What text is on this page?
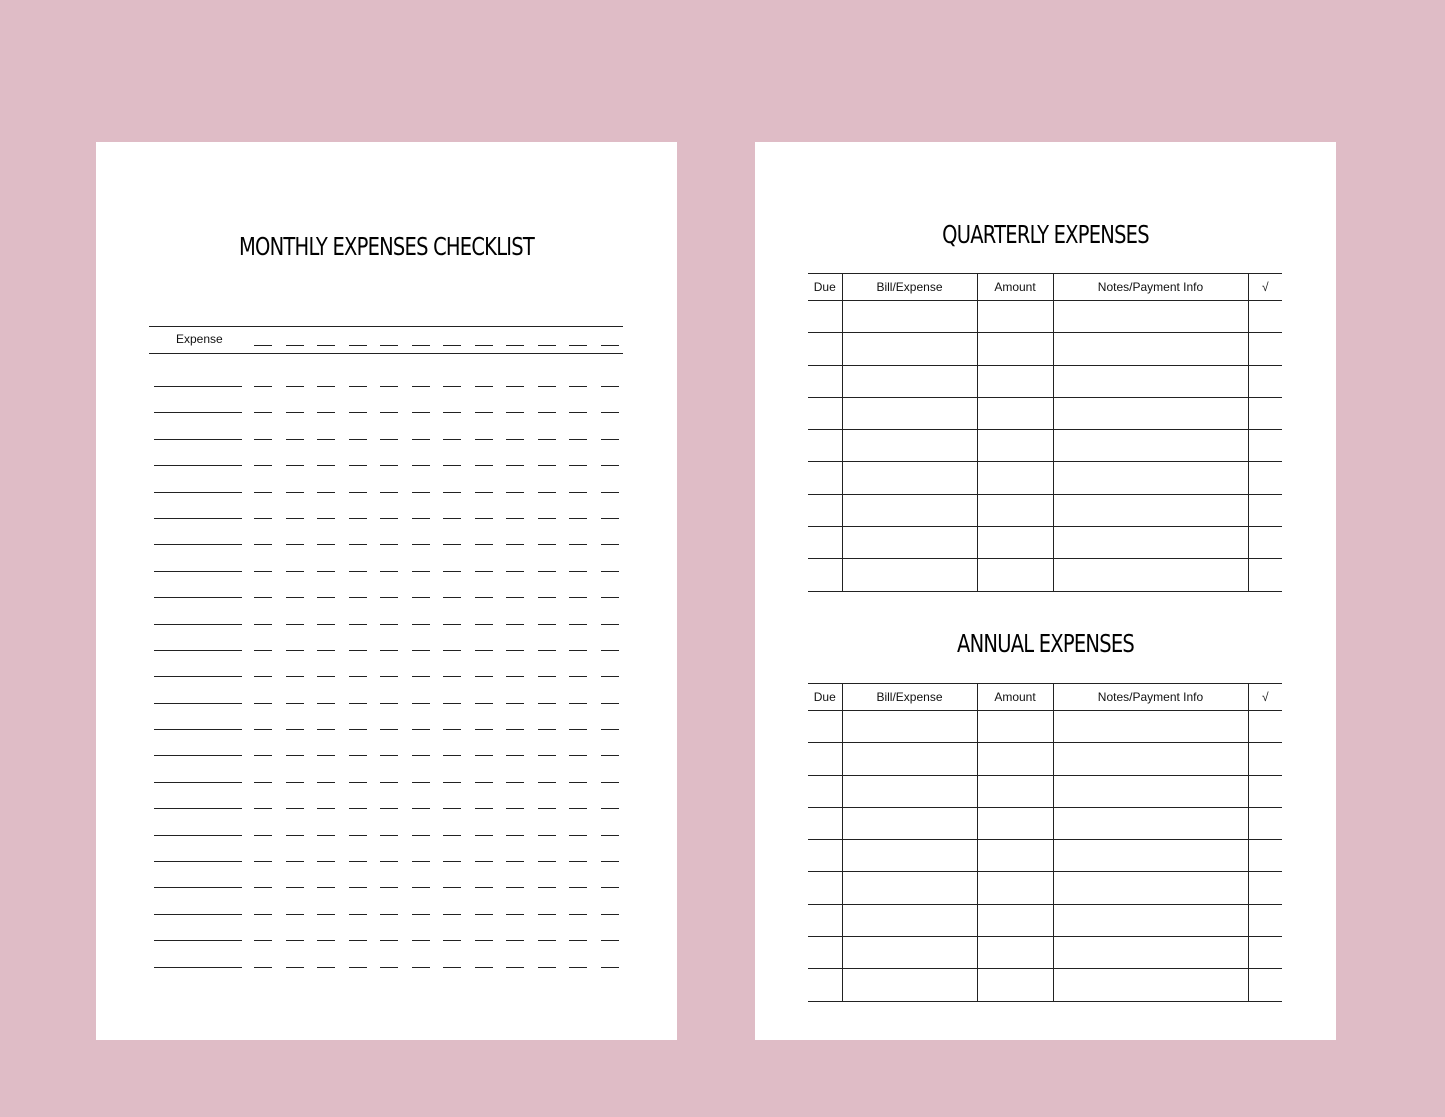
MONTHLY EXPENSES CHECKLIST
Expense
QUARTERLY EXPENSES
Due	Bill/Expense	Amount	Notes/Payment Info	√

ANNUAL EXPENSES
Due	Bill/Expense	Amount	Notes/Payment Info	√
